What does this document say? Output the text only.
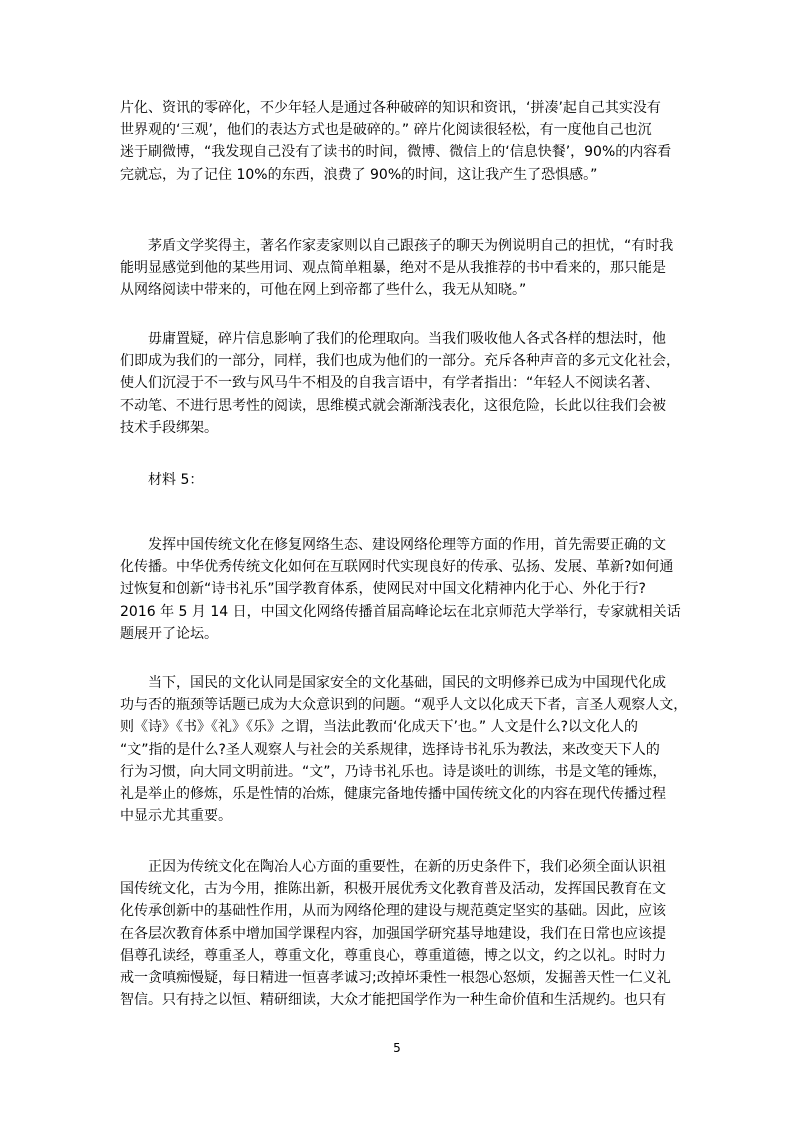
片化、资讯的零碎化，不少年轻人是通过各种破碎的知识和资讯，‘拼凑’起自己其实没有
世界观的‘三观’，他们的表达方式也是破碎的。” 碎片化阅读很轻松，有一度他自己也沉
迷于刷微博，“我发现自己没有了读书的时间，微博、微信上的‘信息快餐’，90%的内容看
完就忘，为了记住 10%的东西，浪费了 90%的时间，这让我产生了恐惧感。”
茅盾文学奖得主，著名作家麦家则以自己跟孩子的聊天为例说明自己的担忧，“有时我
能明显感觉到他的某些用词、观点简单粗暴，绝对不是从我推荐的书中看来的，那只能是
从网络阅读中带来的，可他在网上到帝都了些什么，我无从知晓。”
毋庸置疑，碎片信息影响了我们的伦理取向。当我们吸收他人各式各样的想法时，他
们即成为我们的一部分，同样，我们也成为他们的一部分。充斥各种声音的多元文化社会，
使人们沉浸于不一致与风马牛不相及的自我言语中，有学者指出：“年轻人不阅读名著、
不动笔、不进行思考性的阅读，思维模式就会渐渐浅表化，这很危险，长此以往我们会被
技术手段绑架。
材料 5：
发挥中国传统文化在修复网络生态、建设网络伦理等方面的作用，首先需要正确的文
化传播。中华优秀传统文化如何在互联网时代实现良好的传承、弘扬、发展、革新?如何通
过恢复和创新“诗书礼乐”国学教育体系，使网民对中国文化精神内化于心、外化于行?
2016 年 5 月 14 日，中国文化网络传播首届高峰论坛在北京师范大学举行，专家就相关话
题展开了论坛。
当下，国民的文化认同是国家安全的文化基础，国民的文明修养已成为中国现代化成
功与否的瓶颈等话题已成为大众意识到的问题。“观乎人文以化成天下者，言圣人观察人文，
则《诗》《书》《礼》《乐》之谓，当法此教而‘化成天下’也。” 人文是什么?以文化人的
“文”指的是什么?圣人观察人与社会的关系规律，选择诗书礼乐为教法，来改变天下人的
行为习惯，向大同文明前进。“文”，乃诗书礼乐也。诗是谈吐的训练，书是文笔的锤炼，
礼是举止的修炼，乐是性情的冶炼，健康完备地传播中国传统文化的内容在现代传播过程
中显示尤其重要。
正因为传统文化在陶冶人心方面的重要性，在新的历史条件下，我们必须全面认识祖
国传统文化，古为今用，推陈出新，积极开展优秀文化教育普及活动，发挥国民教育在文
化传承创新中的基础性作用，从而为网络伦理的建设与规范奠定坚实的基础。因此，应该
在各层次教育体系中增加国学课程内容，加强国学研究基导地建设，我们在日常也应该提
倡尊孔读经，尊重圣人，尊重文化，尊重良心，尊重道德，博之以文，约之以礼。时时力
戒一贪嗔痴慢疑，每日精进一恒喜孝诚习;改掉坏秉性一根怨心怒烦，发掘善天性一仁义礼
智信。只有持之以恒、精研细读，大众才能把国学作为一种生命价值和生活规约。也只有
5
